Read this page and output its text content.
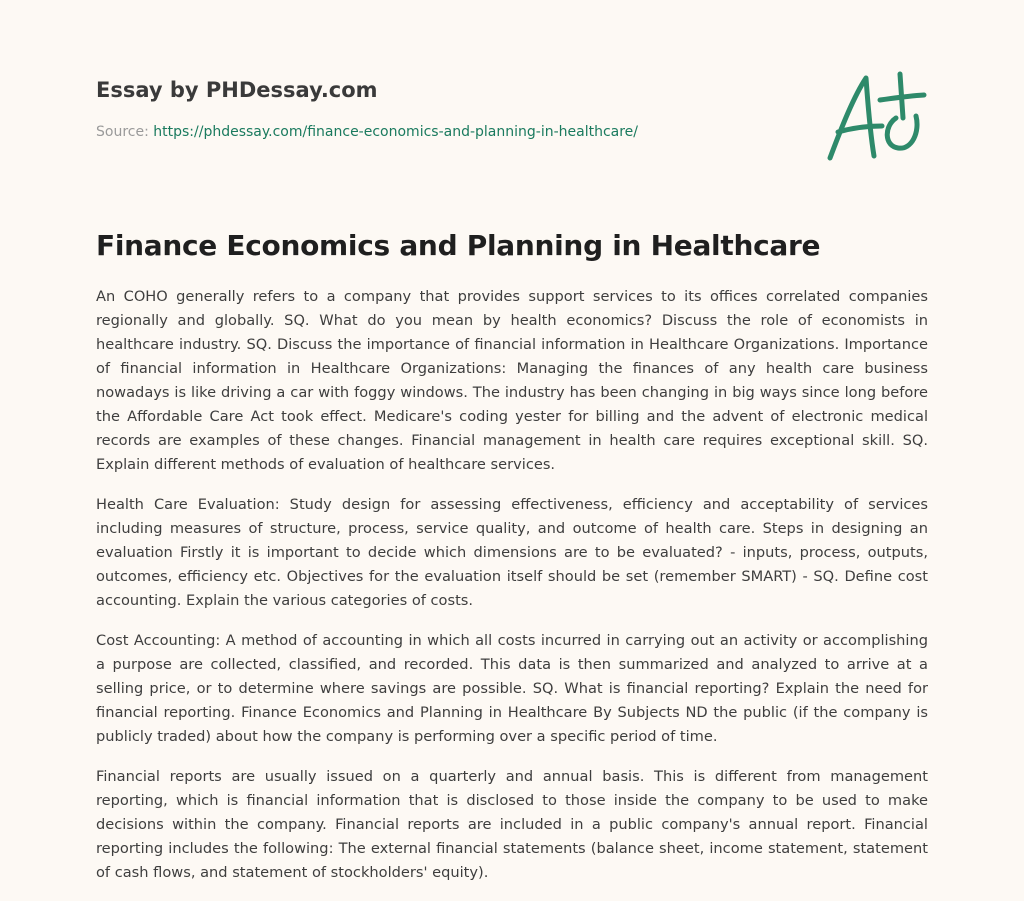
Essay by PHDessay.com
Source: https://phdessay.com/finance-economics-and-planning-in-healthcare/
Finance Economics and Planning in Healthcare

An COHO generally refers to a company that provides support services to its offices correlated companies regionally and globally. SQ. What do you mean by health economics? Discuss the role of economists in healthcare industry. SQ. Discuss the importance of financial information in Healthcare Organizations. Importance of financial information in Healthcare Organizations: Managing the finances of any health care business nowadays is like driving a car with foggy windows. The industry has been changing in big ways since long before the Affordable Care Act took effect. Medicare's coding yester for billing and the advent of electronic medical records are examples of these changes. Financial management in health care requires exceptional skill. SQ. Explain different methods of evaluation of healthcare services.

Health Care Evaluation: Study design for assessing effectiveness, efficiency and acceptability of services including measures of structure, process, service quality, and outcome of health care. Steps in designing an evaluation Firstly it is important to decide which dimensions are to be evaluated? - inputs, process, outputs, outcomes, efficiency etc. Objectives for the evaluation itself should be set (remember SMART) - SQ. Define cost accounting. Explain the various categories of costs.

Cost Accounting: A method of accounting in which all costs incurred in carrying out an activity or accomplishing a purpose are collected, classified, and recorded. This data is then summarized and analyzed to arrive at a selling price, or to determine where savings are possible. SQ. What is financial reporting? Explain the need for financial reporting. Finance Economics and Planning in Healthcare By Subjects ND the public (if the company is publicly traded) about how the company is performing over a specific period of time.

Financial reports are usually issued on a quarterly and annual basis. This is different from management reporting, which is financial information that is disclosed to those inside the company to be used to make decisions within the company. Financial reports are included in a public company's annual report. Financial reporting includes the following: The external financial statements (balance sheet, income statement, statement of cash flows, and statement of stockholders' equity).
